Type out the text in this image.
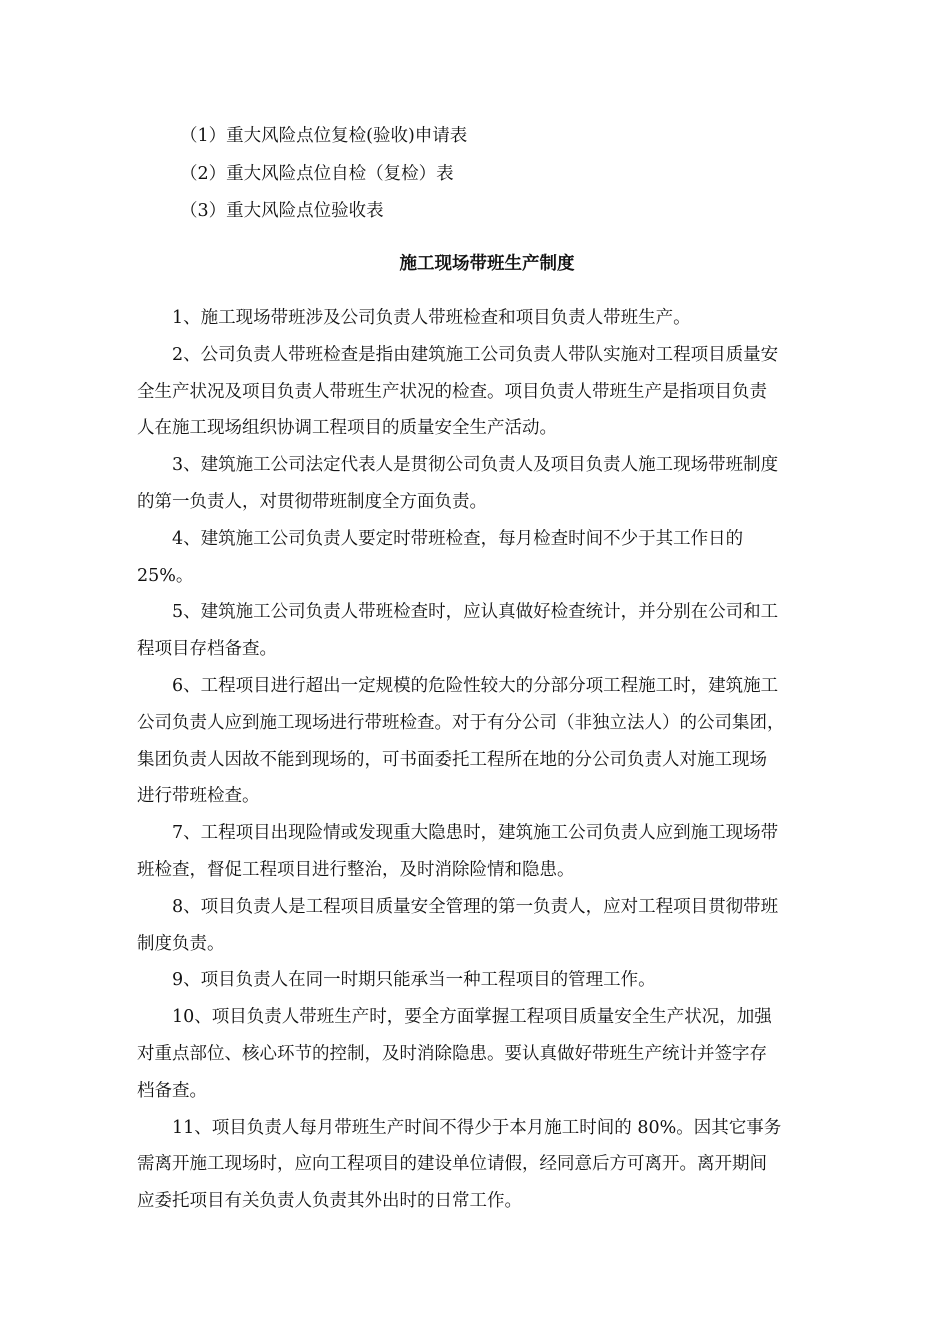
（1）重大风险点位复检(验收)申请表
（2）重大风险点位自检（复检）表
（3）重大风险点位验收表
施工现场带班生产制度

1、施工现场带班涉及公司负责人带班检查和项目负责人带班生产。

2、公司负责人带班检查是指由建筑施工公司负责人带队实施对工程项目质量安
全生产状况及项目负责人带班生产状况的检查。项目负责人带班生产是指项目负责
人在施工现场组织协调工程项目的质量安全生产活动。

3、建筑施工公司法定代表人是贯彻公司负责人及项目负责人施工现场带班制度
的第一负责人，对贯彻带班制度全方面负责。

4、建筑施工公司负责人要定时带班检查，每月检查时间不少于其工作日的
25%。

5、建筑施工公司负责人带班检查时，应认真做好检查统计，并分别在公司和工
程项目存档备查。

6、工程项目进行超出一定规模的危险性较大的分部分项工程施工时，建筑施工
公司负责人应到施工现场进行带班检查。对于有分公司（非独立法人）的公司集团，
集团负责人因故不能到现场的，可书面委托工程所在地的分公司负责人对施工现场
进行带班检查。

7、工程项目出现险情或发现重大隐患时，建筑施工公司负责人应到施工现场带
班检查，督促工程项目进行整治，及时消除险情和隐患。

8、项目负责人是工程项目质量安全管理的第一负责人，应对工程项目贯彻带班
制度负责。

9、项目负责人在同一时期只能承当一种工程项目的管理工作。

10、项目负责人带班生产时，要全方面掌握工程项目质量安全生产状况，加强
对重点部位、核心环节的控制，及时消除隐患。要认真做好带班生产统计并签字存
档备查。

11、项目负责人每月带班生产时间不得少于本月施工时间的 80%。因其它事务
需离开施工现场时，应向工程项目的建设单位请假，经同意后方可离开。离开期间
应委托项目有关负责人负责其外出时的日常工作。
